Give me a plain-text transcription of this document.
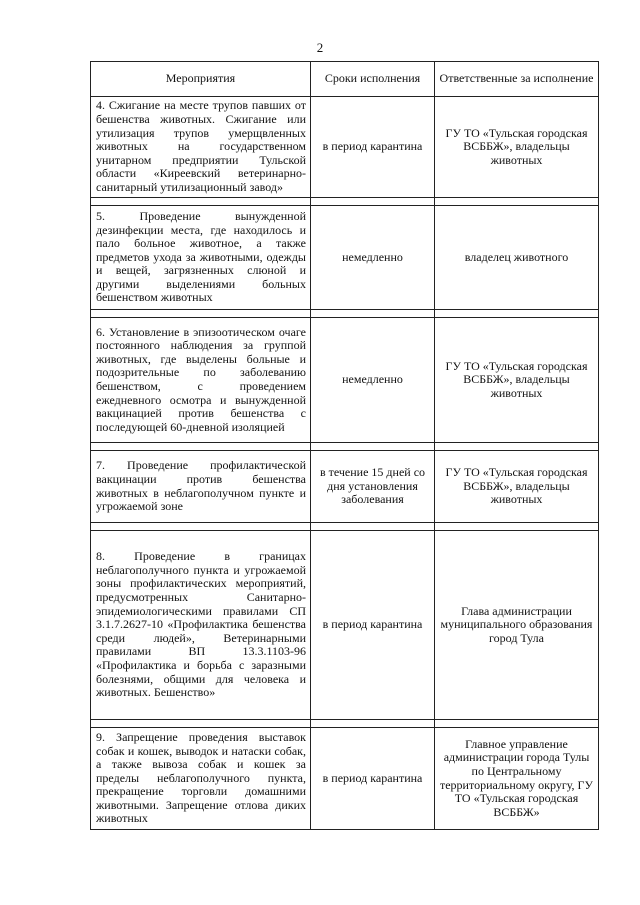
2
Мероприятия	Сроки исполнения	Ответственные за исполнение

4. Сжигание на месте трупов павших от бешенства животных. Сжигание или утилизация трупов умерщвленных животных на государственном унитарном предприятии Тульской области «Киреевский ветеринарно-санитарный утилизационный завод»	в период карантина	ГУ ТО «Тульская городская ВСББЖ», владельцы животных

5. Проведение вынужденной дезинфекции места, где находилось и пало больное животное, а также предметов ухода за животными, одежды и вещей, загрязненных слюной и другими выделениями больных бешенством животных	немедленно	владелец животного

6. Установление в эпизоотическом очаге постоянного наблюдения за группой животных, где выделены больные и подозрительные по заболеванию бешенством, с проведением ежедневного осмотра и вынужденной вакцинацией против бешенства с последующей 60-дневной изоляцией	немедленно	ГУ ТО «Тульская городская ВСББЖ», владельцы животных

7. Проведение профилактической вакцинации против бешенства животных в неблагополучном пункте и угрожаемой зоне	в течение 15 дней со дня установления заболевания	ГУ ТО «Тульская городская ВСББЖ», владельцы животных

8. Проведение в границах неблагополучного пункта и угрожаемой зоны профилактических мероприятий, предусмотренных Санитарно-эпидемиологическими правилами СП 3.1.7.2627-10 «Профилактика бешенства среди людей», Ветеринарными правилами ВП 13.3.1103-96 «Профилактика и борьба с заразными болезнями, общими для человека и животных. Бешенство»	в период карантина	Глава администрации муниципального образования город Тула

9. Запрещение проведения выставок собак и кошек, выводок и натаски собак, а также вывоза собак и кошек за пределы неблагополучного пункта, прекращение торговли домашними животными. Запрещение отлова диких животных	в период карантина	Главное управление администрации города Тулы по Центральному территориальному округу, ГУ ТО «Тульская городская ВСББЖ»
